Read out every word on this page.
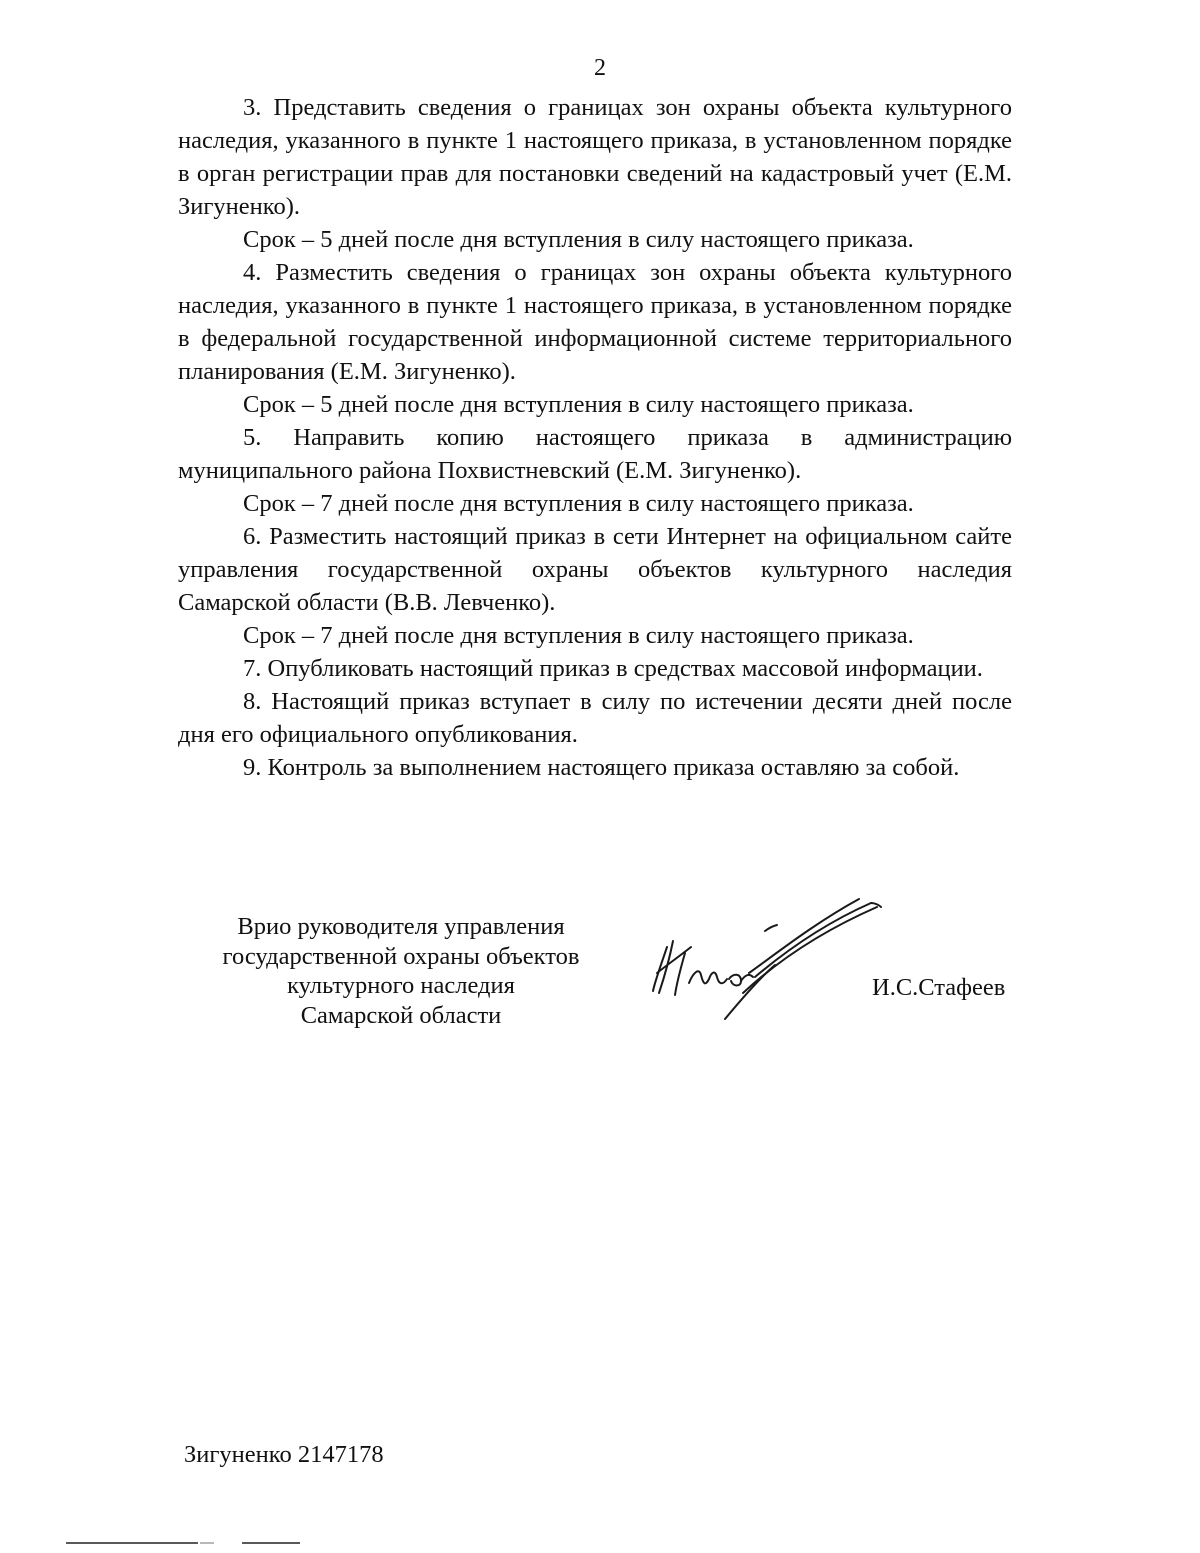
2

3. Представить сведения о границах зон охраны объекта культурного наследия, указанного в пункте 1 настоящего приказа, в установленном порядке в орган регистрации прав для постановки сведений на кадастровый учет (Е.М. Зигуненко).

Срок – 5 дней после дня вступления в силу настоящего приказа.

4. Разместить сведения о границах зон охраны объекта культурного наследия, указанного в пункте 1 настоящего приказа, в установленном порядке в федеральной государственной информационной системе территориального планирования (Е.М. Зигуненко).

Срок – 5 дней после дня вступления в силу настоящего приказа.

5. Направить копию настоящего приказа в администрацию муниципального района Похвистневский (Е.М. Зигуненко).

Срок – 7 дней после дня вступления в силу настоящего приказа.

6. Разместить настоящий приказ в сети Интернет на официальном сайте управления государственной охраны объектов культурного наследия Самарской области (В.В. Левченко).

Срок – 7 дней после дня вступления в силу настоящего приказа.

7. Опубликовать настоящий приказ в средствах массовой информации.

8. Настоящий приказ вступает в силу по истечении десяти дней после дня его официального опубликования.

9. Контроль за выполнением настоящего приказа оставляю за собой.

Врио руководителя управления
государственной охраны объектов
культурного наследия
Самарской области
И.С.Стафеев
Зигуненко 2147178
